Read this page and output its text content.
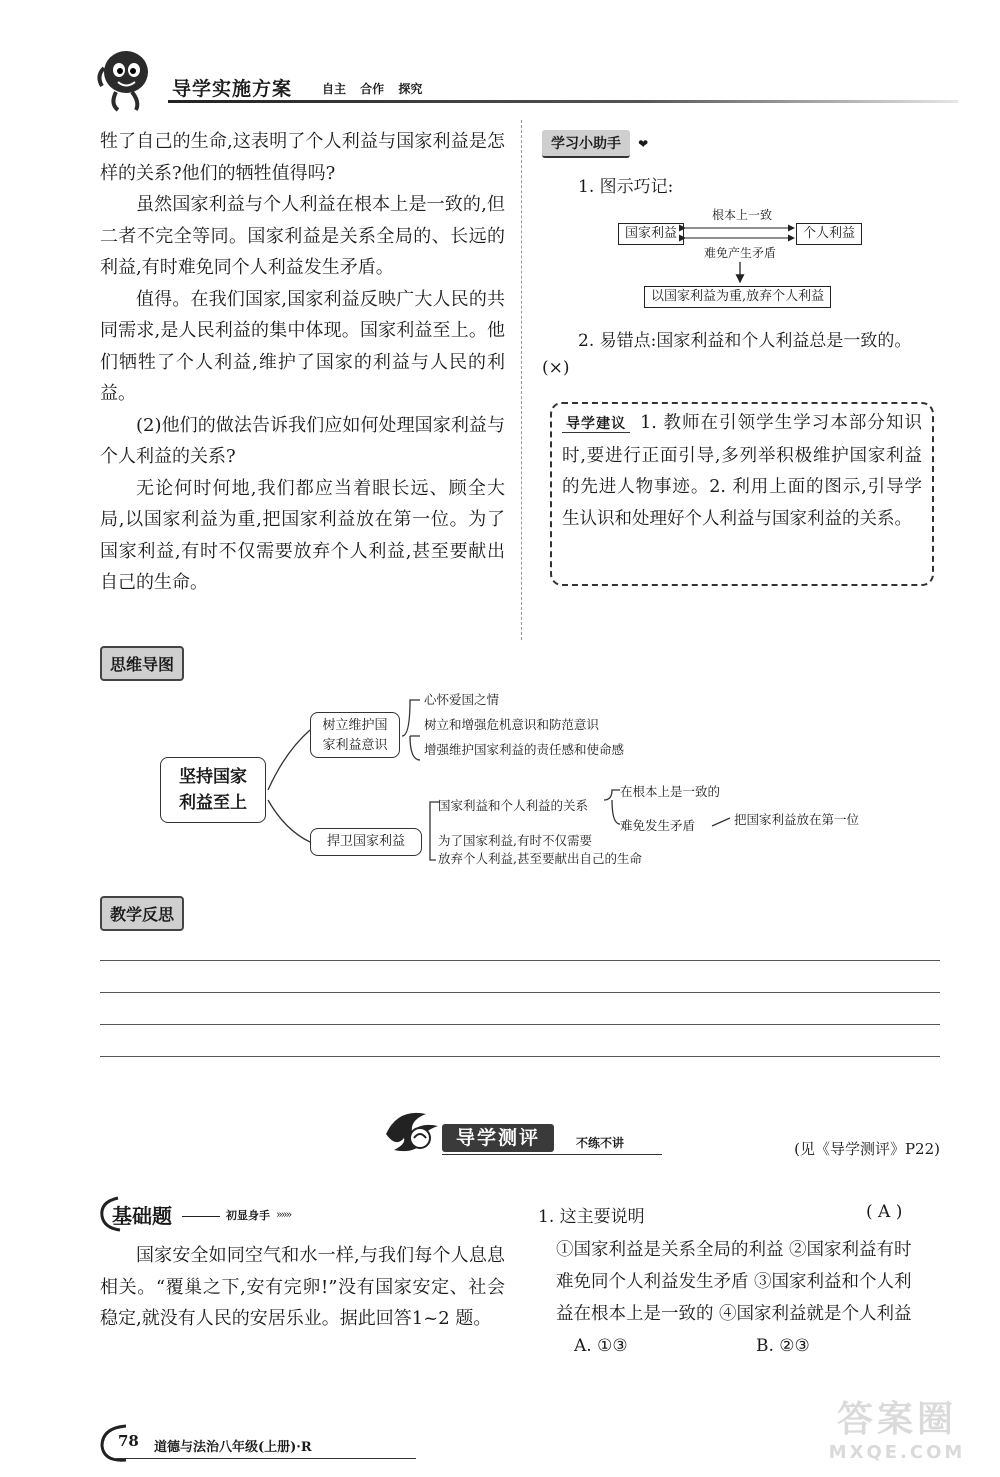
导学实施方案 自主 合作 探究

牲了自己的生命,这表明了个人利益与国家利益是怎样的关系?他们的牺牲值得吗?

虽然国家利益与个人利益在根本上是一致的,但二者不完全等同。国家利益是关系全局的、长远的利益,有时难免同个人利益发生矛盾。

值得。在我们国家,国家利益反映广大人民的共同需求,是人民利益的集中体现。国家利益至上。他们牺牲了个人利益,维护了国家的利益与人民的利益。

(2)他们的做法告诉我们应如何处理国家利益与个人利益的关系?

无论何时何地,我们都应当着眼长远、顾全大局,以国家利益为重,把国家利益放在第一位。为了国家利益,有时不仅需要放弃个人利益,甚至要献出自己的生命。

学习小助手 ❤
1. 图示巧记:
国家利益	个人利益
根本上一致
难免产生矛盾
以国家利益为重,放弃个人利益
2. 易错点:国家利益和个人利益总是一致的。
(×)

导学建议 1. 教师在引领学生学习本部分知识时,要进行正面引导,多列举积极维护国家利益的先进人物事迹。2. 利用上面的图示,引导学生认识和处理好个人利益与国家利益的关系。

思维导图
坚持国家
利益至上
树立维护国
家利益意识
心怀爱国之情
树立和增强危机意识和防范意识
增强维护国家利益的责任感和使命感
捍卫国家利益
国家利益和个人利益的关系
在根本上是一致的
难免发生矛盾	把国家利益放在第一位
为了国家利益,有时不仅需要
放弃个人利益,甚至要献出自己的生命
教学反思
导学测评	不练不讲	(见《导学测评》P22)
基础题	初显身手 »»»

国家安全如同空气和水一样,与我们每个人息息相关。“覆巢之下,安有完卵!”没有国家安定、社会稳定,就没有人民的安居乐业。据此回答1~2 题。

1. 这主要说明	( A )
①国家利益是关系全局的利益 ②国家利益有时
难免同个人利益发生矛盾 ③国家利益和个人利
益在根本上是一致的 ④国家利益就是个人利益
A. ①③	B. ②③
78 道德与法治八年级(上册)·R
答案圈
MXQE.COM
